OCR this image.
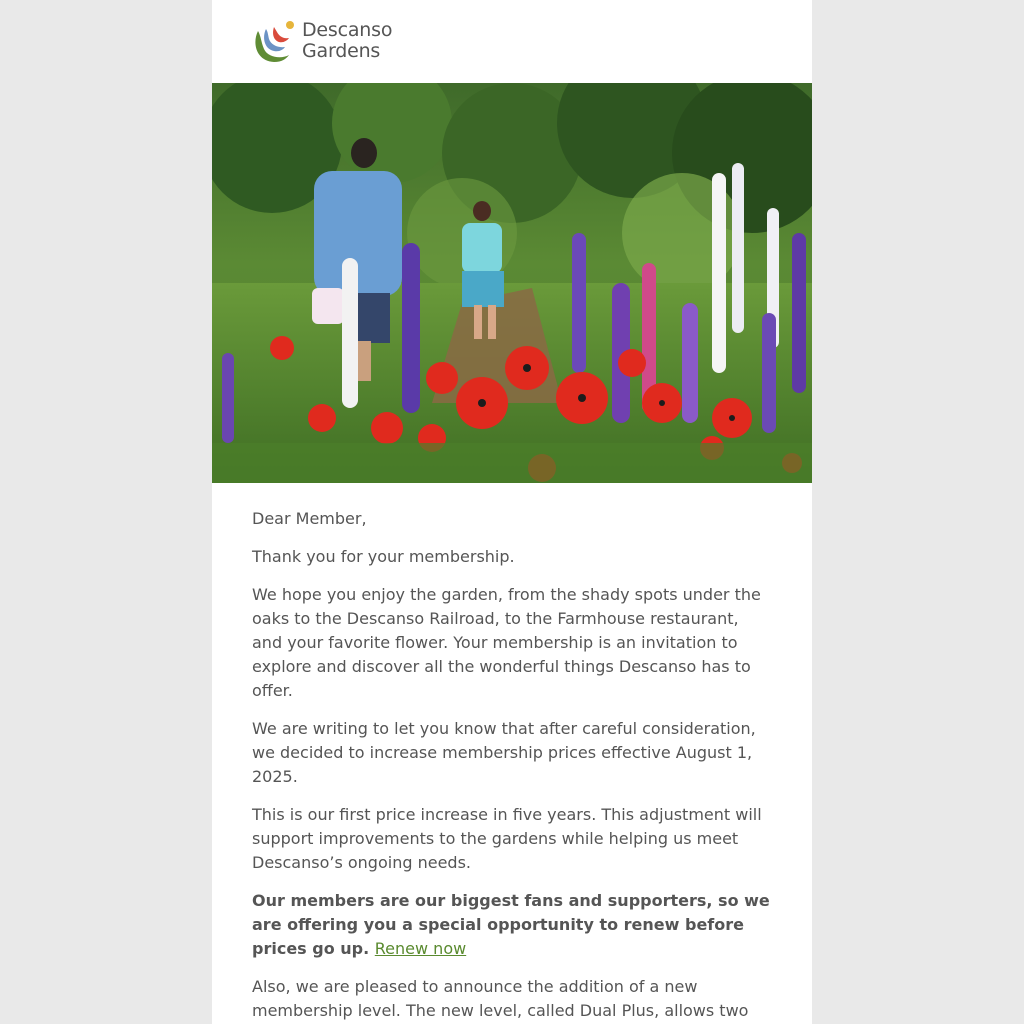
Descanso
Gardens

Dear Member,

Thank you for your membership.

We hope you enjoy the garden, from the shady spots under the oaks to the Descanso Railroad, to the Farmhouse restaurant, and your favorite flower. Your membership is an invitation to explore and discover all the wonderful things Descanso has to offer.

We are writing to let you know that after careful consideration, we decided to increase membership prices effective August 1, 2025.

This is our first price increase in five years. This adjustment will support improvements to the gardens while helping us meet Descanso’s ongoing needs.

Our members are our biggest fans and supporters, so we are offering you a special opportunity to renew before prices go up. Renew now

Also, we are pleased to announce the addition of a new membership level. The new level, called Dual Plus, allows two
